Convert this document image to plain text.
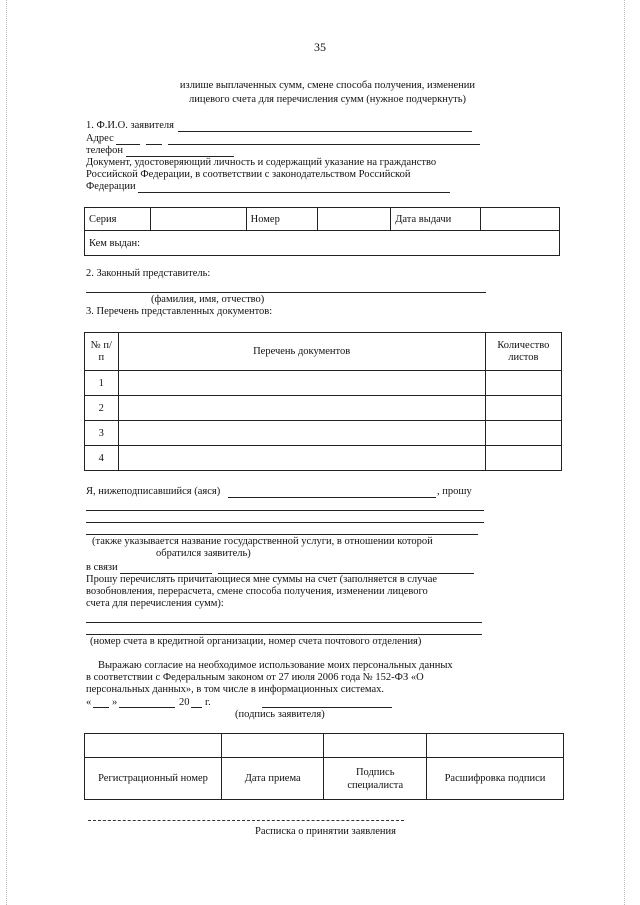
35
излише выплаченных сумм, смене способа получения, изменении
лицевого счета для перечисления сумм (нужное подчеркнуть)
1. Ф.И.О. заявителя
Адрес
телефон
Документ, удостоверяющий личность и содержащий указание на гражданство
Российской Федерации, в соответствии с законодательством Российской
Федерации
Серия		Номер		Дата выдачи	
Кем выдан:
2. Законный представитель:
(фамилия, имя, отчество)
3. Перечень представленных документов:
№ п/п	Перечень документов	Количество листов
1		
2		
3		
4		
Я, нижеподписавшийся (аяся)	, прошу
(также указывается название государственной услуги, в отношении которой
обратился заявитель)
в связи
Прошу перечислять причитающиеся мне суммы на счет (заполняется в случае
возобновления, перерасчета, смене способа получения, изменении лицевого
счета для перечисления сумм):
(номер счета в кредитной организации, номер счета почтового отделения)
Выражаю согласие на необходимое использование моих персональных данных
в соответствии с Федеральным законом от 27 июля 2006 года № 152-ФЗ «О
персональных данных», в том числе в информационных системах.
« »	20 г.
(подпись заявителя)

Регистрационный номер	Дата приема	Подпись специалиста	Расшифровка подписи
Расписка о принятии заявления
